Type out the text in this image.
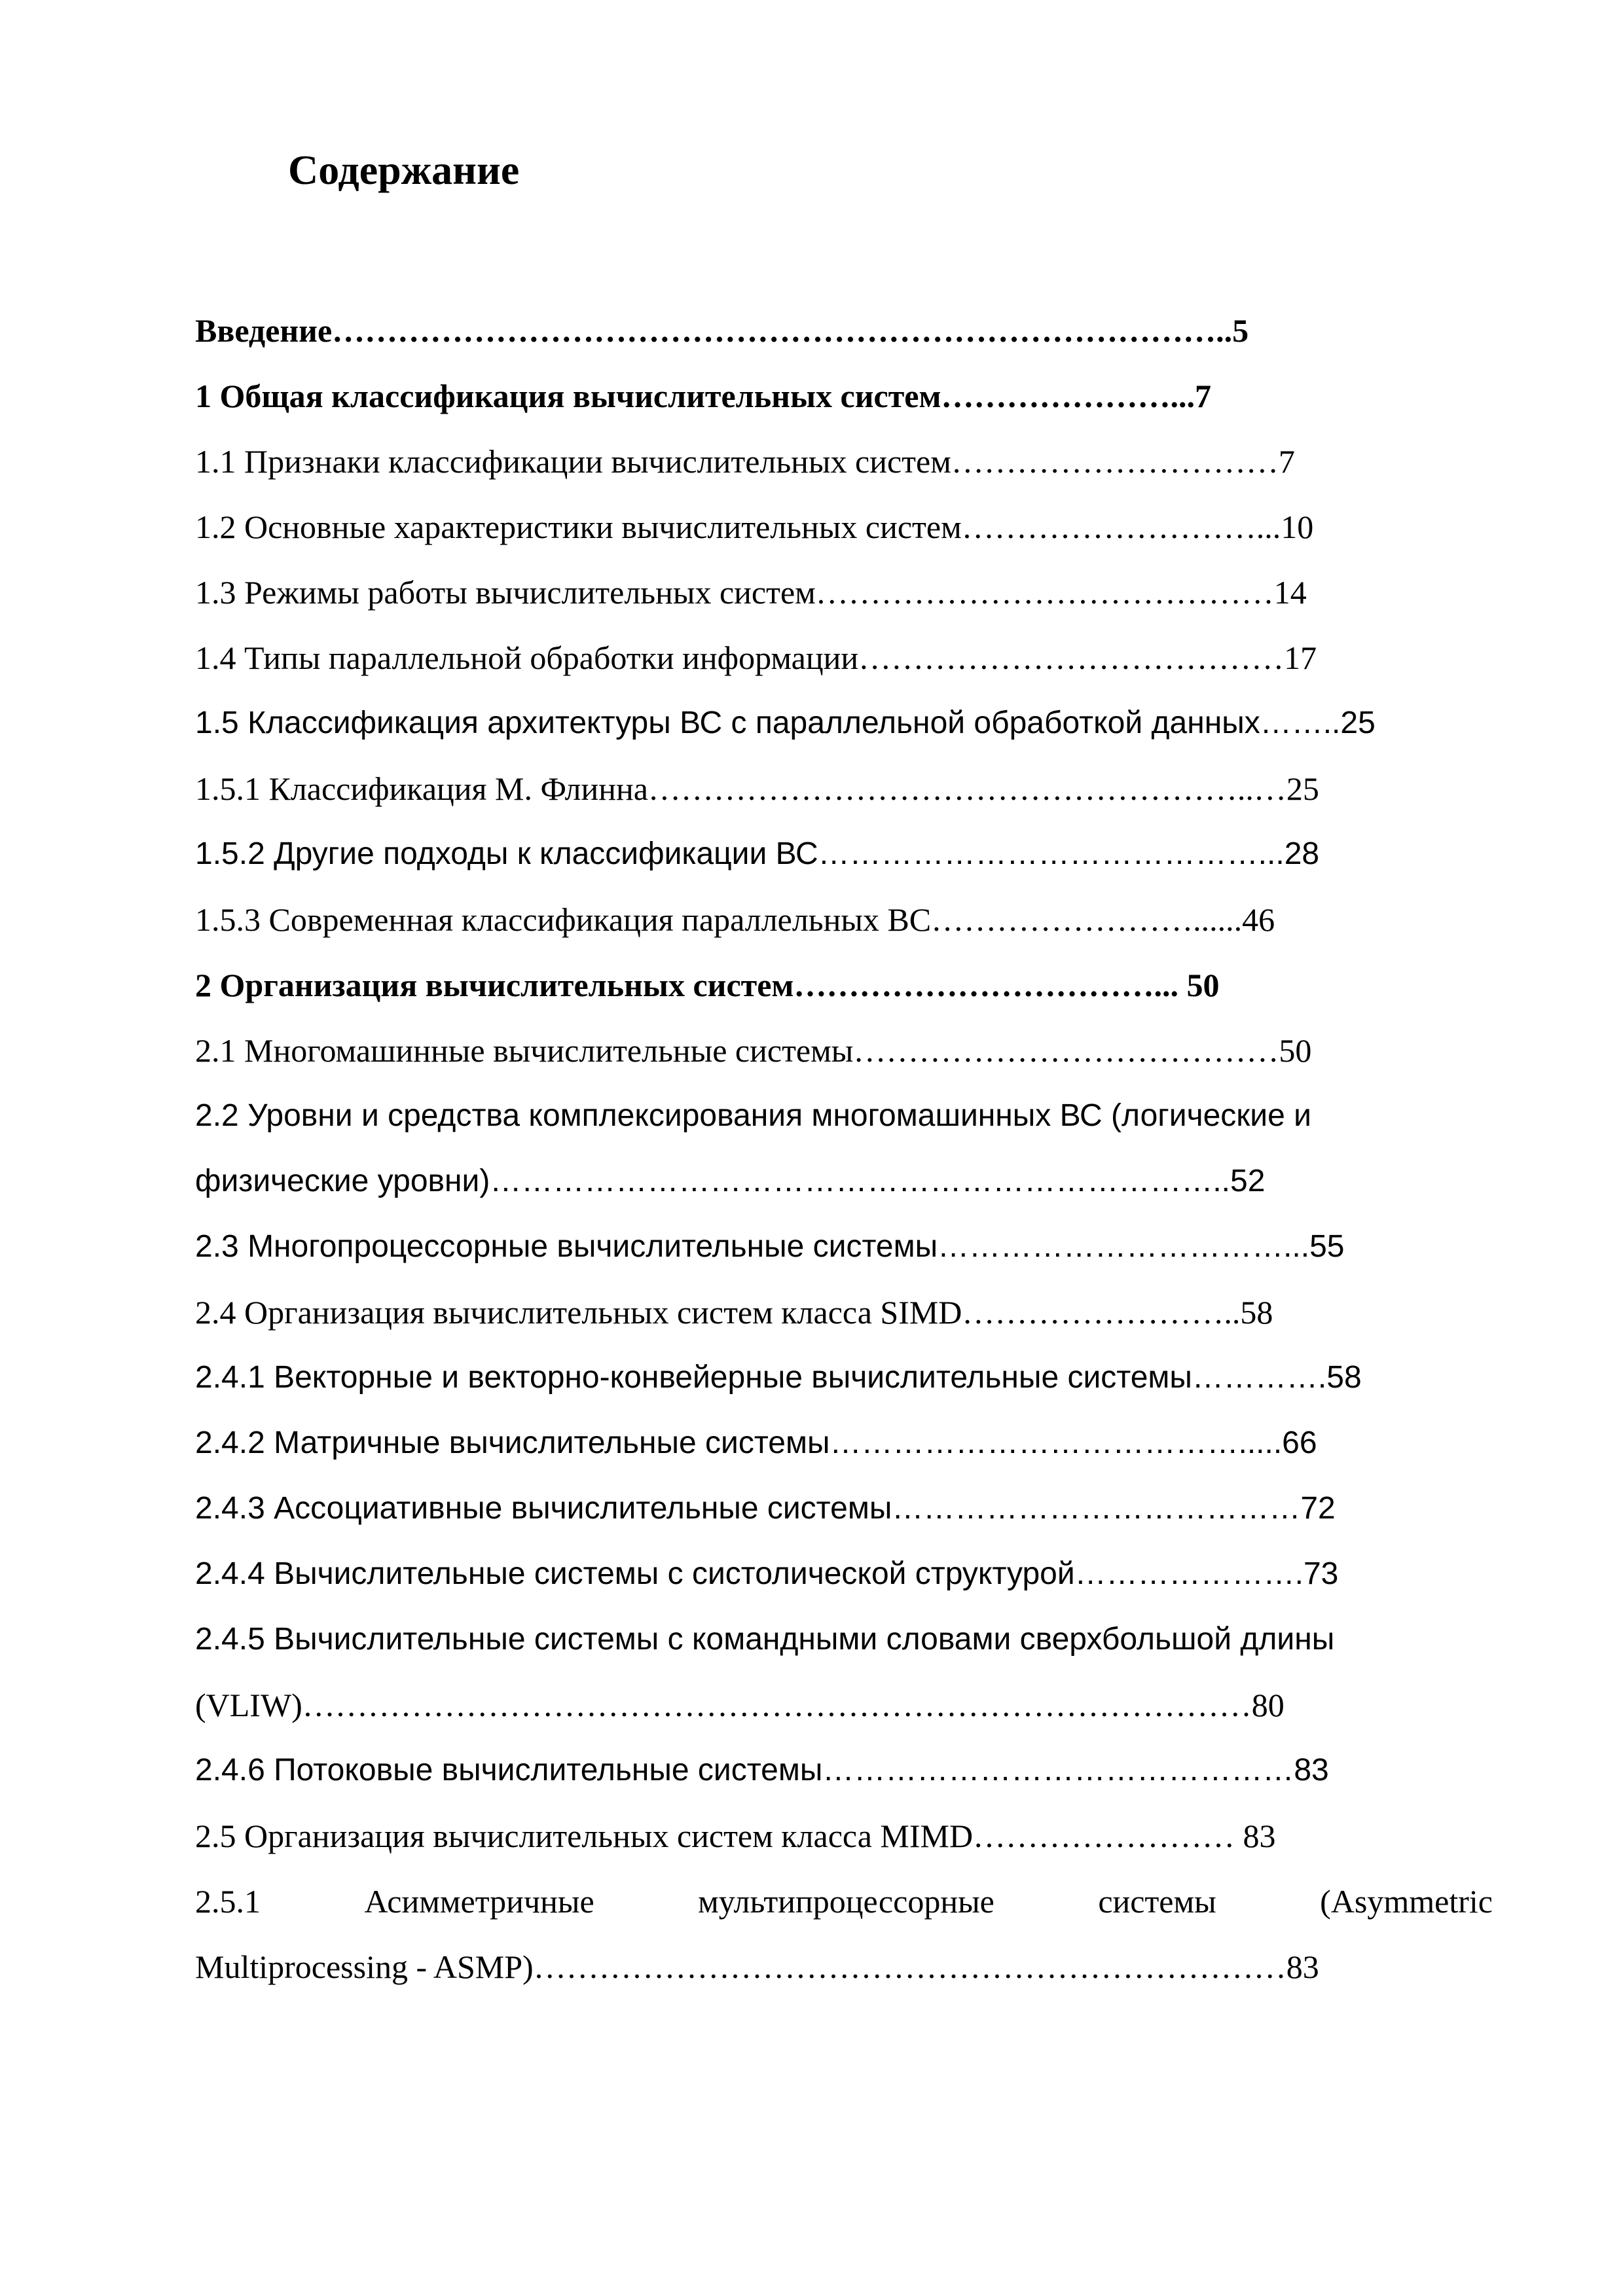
Содержание
Введение………………………………………………………………………..5
1 Общая классификация вычислительных систем…………………...7
1.1 Признаки классификации вычислительных систем…………………………7
1.2 Основные характеристики вычислительных систем………………………...10
1.3 Режимы работы вычислительных систем……………………………………14
1.4 Типы параллельной обработки информации…………………………………17
1.5 Классификация архитектуры ВС с параллельной обработкой данных……..25
1.5.1 Классификация М. Флинна………………………………………………..…25
1.5.2 Другие подходы к классификации ВС……………………………………...28
1.5.3 Современная классификация параллельных ВС……………………......46
2 Организация вычислительных систем……………………………... 50
2.1 Многомашинные вычислительные системы…………………………………50
2.2 Уровни и средства комплексирования многомашинных ВС (логические и
физические уровни)……………………………………………………………..52
2.3 Многопроцессорные вычислительные системы……………………………...55
2.4 Организация вычислительных систем класса SIMD……………………..58
2.4.1 Векторные и векторно-конвейерные вычислительные системы………….58
2.4.2 Матричные вычислительные системы………………………………….....66
2.4.3 Ассоциативные вычислительные системы…………………………………72
2.4.4 Вычислительные системы с систолической структурой………………….73
2.4.5 Вычислительные системы с командными словами сверхбольшой длины
(VLIW)……………………………………………………………………………80
2.4.6 Потоковые вычислительные системы………………………………………83
2.5 Организация вычислительных систем класса MIMD…………………… 83
2.5.1	Асимметричные	мультипроцессорные	системы	(Asymmetric
Multiprocessing - ASMP)……………………………………………………………83
